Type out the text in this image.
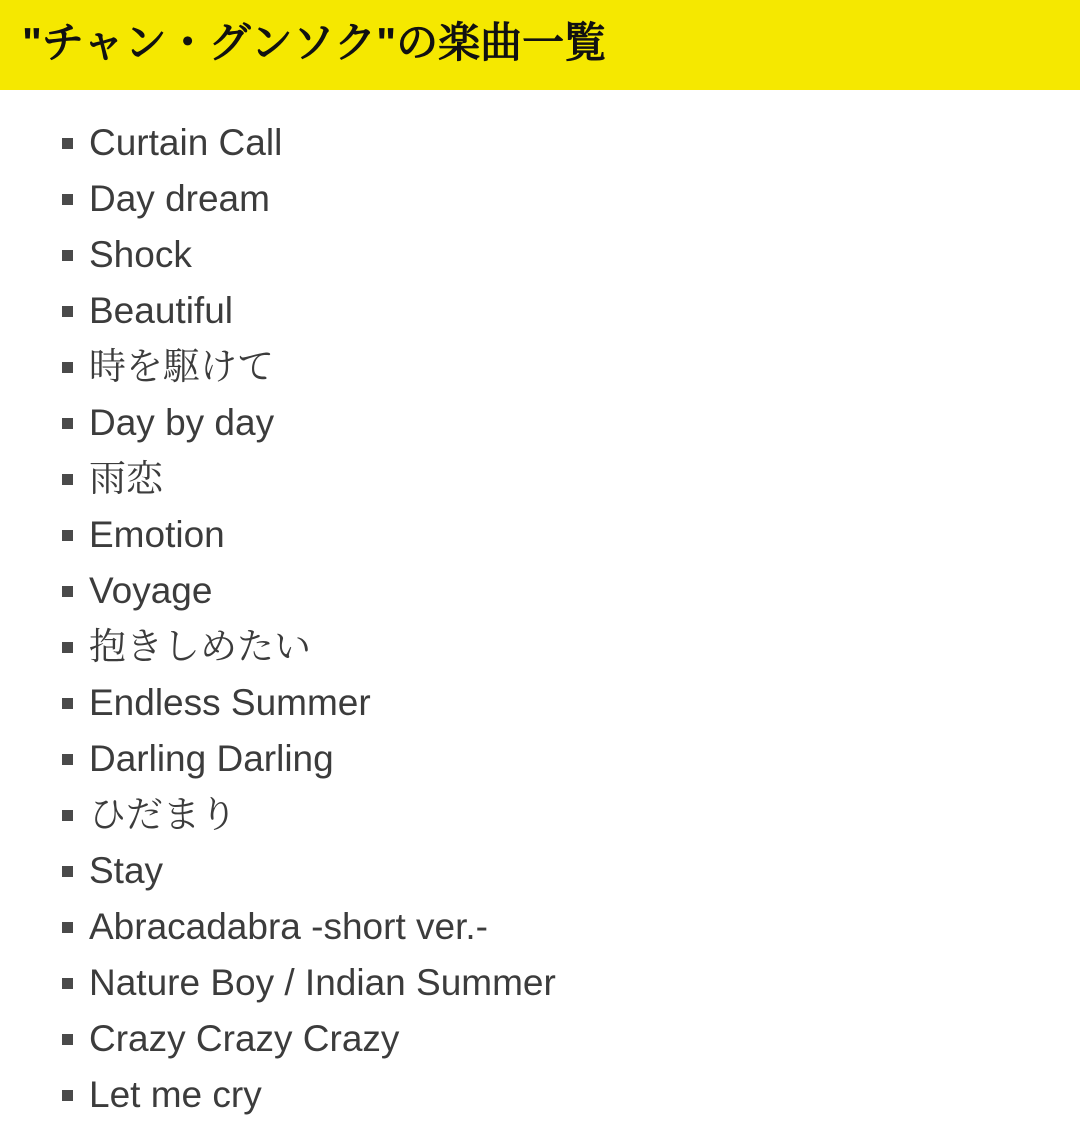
"チャン・グンソク"の楽曲一覧
Curtain Call
Day dream
Shock
Beautiful
時を駆けて
Day by day
雨恋
Emotion
Voyage
抱きしめたい
Endless Summer
Darling Darling
ひだまり
Stay
Abracadabra -short ver.-
Nature Boy / Indian Summer
Crazy Crazy Crazy
Let me cry
